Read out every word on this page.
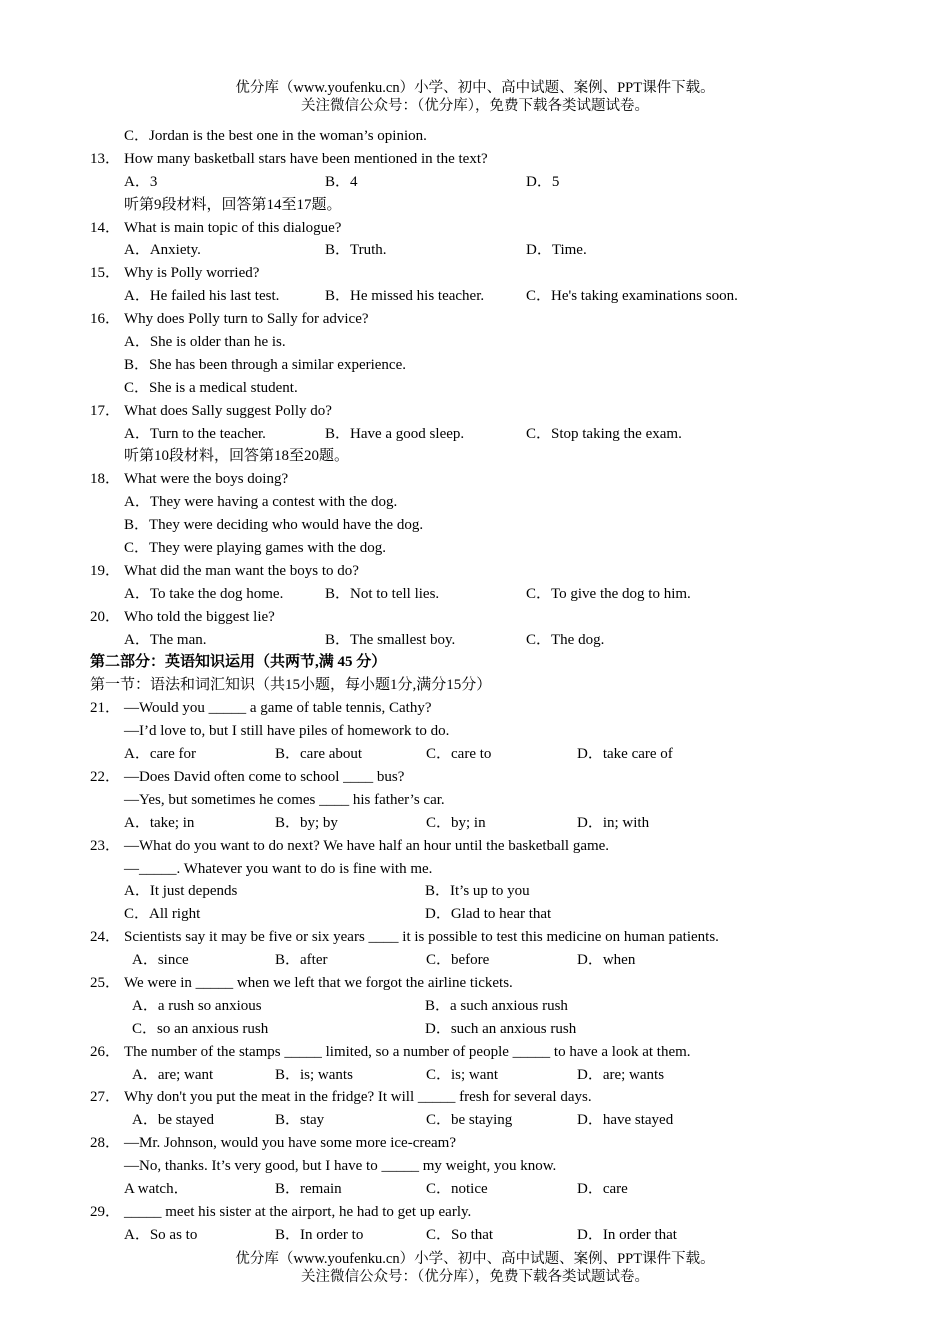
优分库（www.youfenku.cn）小学、初中、高中试题、案例、PPT课件下载。
关注微信公众号：（优分库），免费下载各类试题试卷。
C．Jordan is the best one in the woman’s opinion.
13． How many basketball stars have been mentioned in the text?
A．3	B．4	D．5
听第9段材料，回答第14至17题。
14． What is main topic of this dialogue?
A．Anxiety.	B．Truth.	D．Time.
15． Why is Polly worried?
A．He failed his last test.	B．He missed his teacher.	C．He's taking examinations soon.
16． Why does Polly turn to Sally for advice?
A．She is older than he is.
B．She has been through a similar experience.
C．She is a medical student.
17． What does Sally suggest Polly do?
A．Turn to the teacher.	B．Have a good sleep.	C．Stop taking the exam.
听第10段材料，回答第18至20题。
18． What were the boys doing?
A．They were having a contest with the dog.
B．They were deciding who would have the dog.
C．They were playing games with the dog.
19． What did the man want the boys to do?
A．To take the dog home.	B．Not to tell lies.	C．To give the dog to him.
20． Who told the biggest lie?
A．The man.	B．The smallest boy.	C．The dog.
第二部分：英语知识运用（共两节,满 45 分）
第一节：语法和词汇知识（共15小题，每小题1分,满分15分）
21． —Would you _____ a game of table tennis, Cathy?
—I’d love to, but I still have piles of homework to do.
A．care for	B．care about	C．care to	D．take care of
22． —Does David often come to school ____ bus?
—Yes, but sometimes he comes ____ his father’s car.
A．take; in	B．by; by	C．by; in	D．in; with
23． —What do you want to do next? We have half an hour until the basketball game.
—_____. Whatever you want to do is fine with me.
A．It just depends	B．It’s up to you
C．All right	D．Glad to hear that
24． Scientists say it may be five or six years ____ it is possible to test this medicine on human patients.
A．since	B．after	C．before	D．when
25． We were in _____ when we left that we forgot the airline tickets.
A．a rush so anxious	B．a such anxious rush
C．so an anxious rush	D．such an anxious rush
26． The number of the stamps _____ limited, so a number of people _____ to have a look at them.
A．are; want	B．is; wants	C．is; want	D．are; wants
27． Why don't you put the meat in the fridge? It will _____ fresh for several days.
A．be stayed	B．stay	C．be staying	D．have stayed
28． —Mr. Johnson, would you have some more ice-cream?
—No, thanks. It’s very good, but I have to _____ my weight, you know.
A watch．	B．remain	C．notice	D．care
29． _____ meet his sister at the airport, he had to get up early.
A．So as to	B．In order to	C．So that	D．In order that
优分库（www.youfenku.cn）小学、初中、高中试题、案例、PPT课件下载。
关注微信公众号：（优分库），免费下载各类试题试卷。
